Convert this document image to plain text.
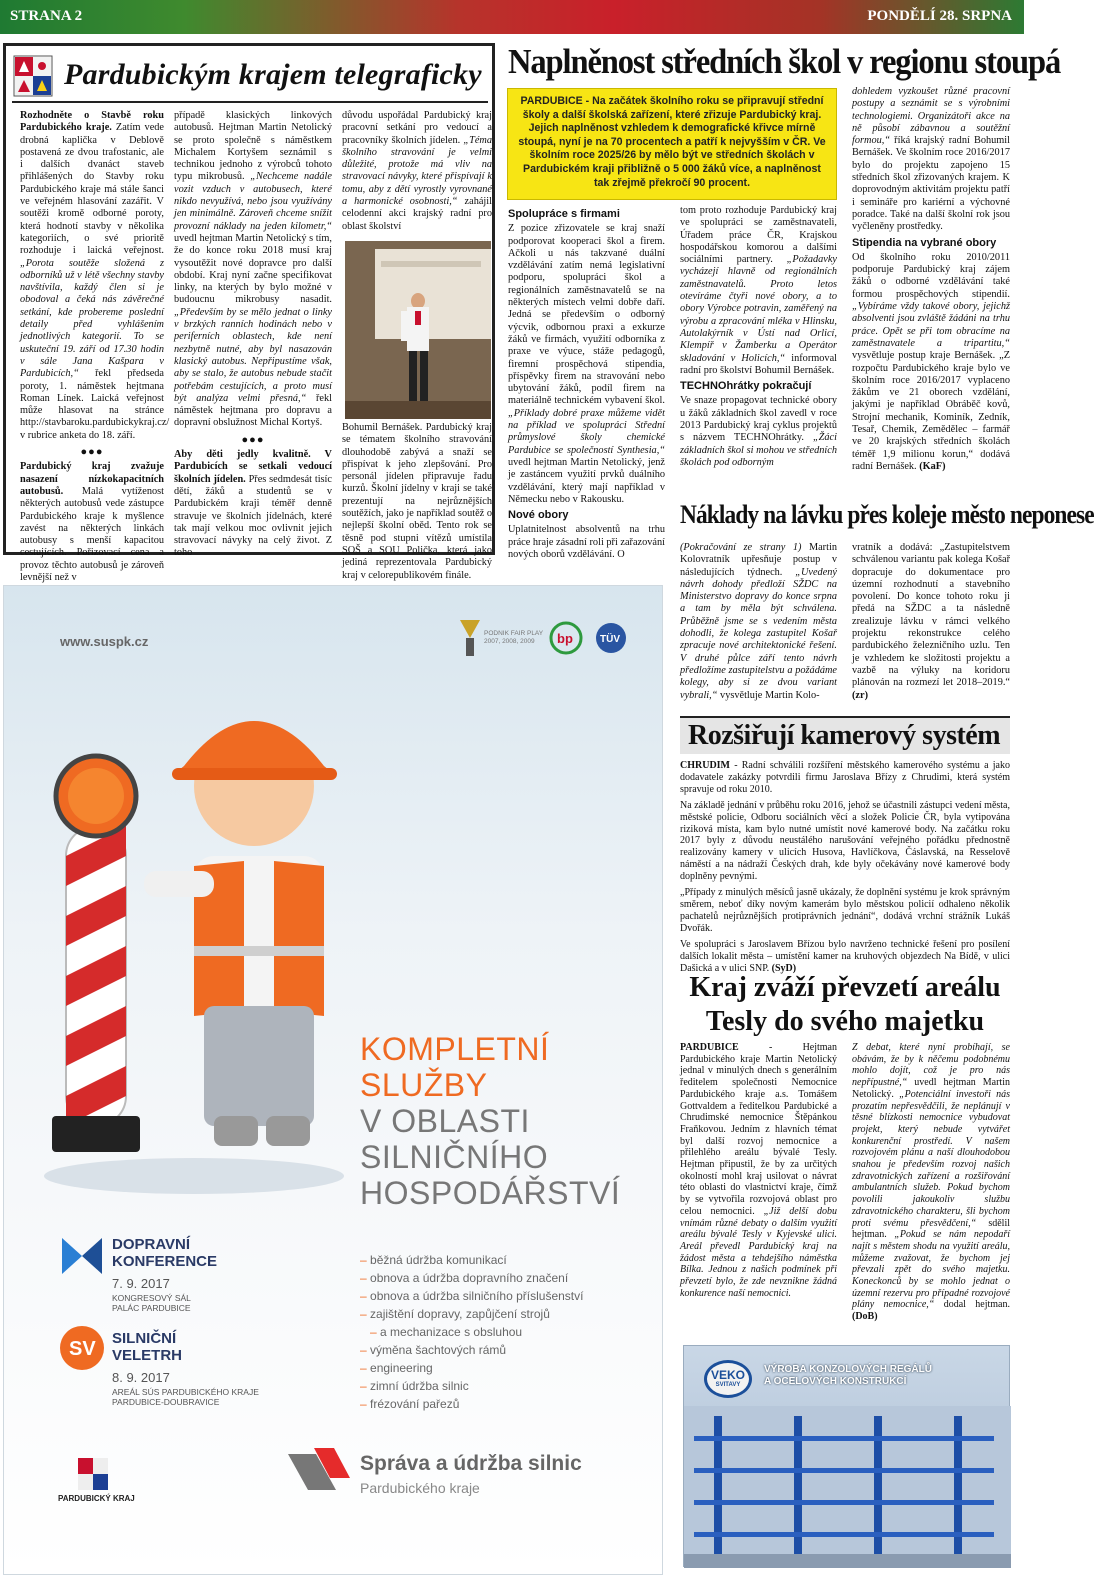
STRANA 2	PONDĚLÍ 28. SRPNA
Pardubickým krajem telegraficky

Rozhodněte o Stavbě roku Pardubického kraje. Zatím vede drobná kaplička v Deblově postavená ze dvou trafostanic, ale i dalších dvanáct staveb přihlášených do Stavby roku Pardubického kraje má stále šanci ve veřejném hlasování zazářit. V soutěži kromě odborné poroty, která hodnotí stavby v několika kategoriích, o své prioritě rozhoduje i laická veřejnost. „Porota soutěže složená z odborníků už v létě všechny stavby navštívila, každý člen si je obodoval a čeká nás závěrečné setkání, kde probereme poslední detaily před vyhlášením jednotlivých kategorií. To se uskuteční 19. září od 17.30 hodin v sále Jana Kašpara v Pardubicích,“ řekl předseda poroty, 1. náměstek hejtmana Roman Línek. Laická veřejnost může hlasovat na stránce http://stavbaroku.pardubickykraj.cz/ v rubrice anketa do 18. září.

●●●

Pardubický kraj zvažuje nasazení nízkokapacitních autobusů. Malá vytíženost některých autobusů vede zástupce Pardubického kraje k myšlence zavést na některých linkách autobusy s menší kapacitou cestujících. Pořizovací cena a provoz těchto autobusů je zároveň levnější než v

případě klasických linkových autobusů. Hejtman Martin Netolický se proto společně s náměstkem Michalem Kortyšem seznámil s technikou jednoho z výrobců tohoto typu mikrobusů. „Nechceme nadále vozit vzduch v autobusech, které nikdo nevyužívá, nebo jsou využívány jen minimálně. Zároveň chceme snížit provozní náklady na jeden kilometr,“ uvedl hejtman Martin Netolický s tím, že do konce roku 2018 musí kraj vysoutěžit nové dopravce pro další období. Kraj nyní začne specifikovat linky, na kterých by bylo možné v budoucnu mikrobusy nasadit. „Především by se mělo jednat o linky v brzkých ranních hodinách nebo v periferních oblastech, kde není nezbytně nutné, aby byl nasazován klasický autobus. Nepřipustíme však, aby se stalo, že autobus nebude stačit potřebám cestujících, a proto musí být analýza velmi přesná,“ řekl náměstek hejtmana pro dopravu a dopravní obslužnost Michal Kortyš.

●●●

Aby děti jedly kvalitně. V Pardubicích se setkali vedoucí školních jídelen. Přes sedmdesát tisíc dětí, žáků a studentů se v Pardubickém kraji téměř denně stravuje ve školních jídelnách, které tak mají velkou moc ovlivnit jejich stravovací návyky na celý život. Z toho

důvodu uspořádal Pardubický kraj pracovní setkání pro vedoucí a pracovníky školních jídelen. „Téma školního stravování je velmi důležité, protože má vliv na stravovací návyky, které přispívají k tomu, aby z dětí vyrostly vyrovnané a harmonické osobnosti,“ zahájil celodenní akci krajský radní pro oblast školství

Bohumil Bernášek. Pardubický kraj se tématem školního stravování dlouhodobě zabývá a snaží se přispívat k jeho zlepšování. Pro personál jídelen připravuje řadu kurzů. Školní jídelny v kraji se také prezentují na nejrůznějších soutěžích, jako je například soutěž o nejlepší školní oběd. Tento rok se těsně pod stupni vítězů umístila SOŠ a SOU Polička, která jako jediná reprezentovala Pardubický kraj v celorepublikovém finále.

Naplněnost středních škol v regionu stoupá
PARDUBICE - Na začátek školního roku se připravují střední školy a další školská zařízení, které zřizuje Pardubický kraj. Jejich naplněnost vzhledem k demografické křivce mírně stoupá, nyní je na 70 procentech a patří k nejvyšším v ČR. Ve školním roce 2025/26 by mělo být ve středních školách v Pardubickém kraji přibližně o 5 000 žáků více, a naplněnost tak zřejmě překročí 90 procent.
Spolupráce s firmami
Z pozice zřizovatele se kraj snaží podporovat kooperaci škol a firem. Ačkoli u nás takzvané duální vzdělávání zatím nemá legislativní podporu, spolupráci škol a regionálních zaměstnavatelů se na některých místech velmi dobře daří. Jedná se především o odborný výcvik, odbornou praxi a exkurze žáků ve firmách, využití odborníka z praxe ve výuce, stáže pedagogů, firemní prospěchová stipendia, příspěvky firem na stravování nebo ubytování žáků, podíl firem na materiálně technickém vybavení škol. „Příklady dobré praxe můžeme vidět na příklad ve spolupráci Střední průmyslové školy chemické Pardubice se společností Synthesia,“ uvedl hejtman Martin Netolický, jenž je zastáncem využití prvků duálního vzdělávání, který mají například v Německu nebo v Rakousku.
Nové obory
Uplatnitelnost absolventů na trhu práce hraje zásadní roli při zařazování nových oborů vzdělávání. O
tom proto rozhoduje Pardubický kraj ve spolupráci se zaměstnavateli, Úřadem práce ČR, Krajskou hospodářskou komorou a dalšími sociálními partnery. „Požadavky vycházejí hlavně od regionálních zaměstnavatelů. Proto letos otevíráme čtyři nové obory, a to obory Výrobce potravin, zaměřený na výrobu a zpracování mléka v Hlinsku, Autolakýrník v Ústí nad Orlicí, Klempíř v Žamberku a Operátor skladování v Holicích,“ informoval radní pro školství Bohumil Bernášek.
TECHNOhrátky pokračují
Ve snaze propagovat technické obory u žáků základních škol zavedl v roce 2013 Pardubický kraj cyklus projektů s názvem TECHNOhrátky. „Žáci základních škol si mohou ve středních školách pod odborným
dohledem vyzkoušet různé pracovní postupy a seznámit se s výrobními technologiemi. Organizátoři akce na ně působí zábavnou a soutěžní formou,“ říká krajský radní Bohumil Bernášek. Ve školním roce 2016/2017 bylo do projektu zapojeno 15 středních škol zřizovaných krajem. K doprovodným aktivitám projektu patří i semináře pro kariérní a výchovné poradce. Také na další školní rok jsou vyčleněny prostředky.
Stipendia na vybrané obory
Od školního roku 2010/2011 podporuje Pardubický kraj zájem žáků o odborné vzdělávání také formou prospěchových stipendií. „Vybíráme vždy takové obory, jejichž absolventi jsou zvláště žádáni na trhu práce. Opět se při tom obracíme na zaměstnavatele a tripartitu,“ vysvětluje postup kraje Bernášek. „Z rozpočtu Pardubického kraje bylo ve školním roce 2016/2017 vyplaceno žákům ve 21 oborech vzdělání, jakými je například Obráběč kovů, Strojní mechanik, Kominík, Zedník, Tesař, Chemik, Zemědělec – farmář ve 20 krajských středních školách téměř 1,9 milionu korun,“ dodává radní Bernášek. (KaF)
Náklady na lávku přes koleje město neponese
(Pokračování ze strany 1) Martin Kolovratník upřesňuje postup v následujících týdnech. „Uvedený návrh dohody předloží SŽDC na Ministerstvo dopravy do konce srpna a tam by měla být schválena. Průběžně jsme se s vedením města dohodli, že kolega zastupitel Košař zpracuje nové architektonické řešení. V druhé půlce září tento návrh předložíme zastupitelstvu a požádáme kolegy, aby si ze dvou variant vybrali,“ vysvětluje Martin Kolo-
vratník a dodává: „Zastupitelstvem schválenou variantu pak kolega Košař dopracuje do dokumentace pro územní rozhodnutí a stavebního povolení. Do konce tohoto roku ji předá na SŽDC a ta následně zrealizuje lávku v rámci velkého projektu rekonstrukce celého pardubického železničního uzlu. Ten je vzhledem ke složitosti projektu a vazbě na výluky na koridoru plánován na rozmezí let 2018–2019.“ (zr)
Rozšiřují kamerový systém

CHRUDIM - Radní schválili rozšíření městského kamerového systému a jako dodavatele zakázky potvrdili firmu Jaroslava Břízy z Chrudimi, která systém spravuje od roku 2010.

Na základě jednání v průběhu roku 2016, jehož se účastnili zástupci vedení města, městské policie, Odboru sociálních věcí a složek Policie ČR, byla vytipována riziková místa, kam bylo nutné umístit nové kamerové body. Na začátku roku 2017 byly z důvodu neustálého narušování veřejného pořádku přednostně realizovány kamery v ulicích Husova, Havlíčkova, Čáslavská, na Resselově náměstí a na nádraží Českých drah, kde byly očekávány nové kamerové body doplněny pevnými.

„Případy z minulých měsíců jasně ukázaly, že doplnění systému je krok správným směrem, neboť díky novým kamerám bylo městskou policií odhaleno několik pachatelů nejrůznějších protiprávních jednání“, dodává vrchní strážník Lukáš Dvořák.

Ve spolupráci s Jaroslavem Břízou bylo navrženo technické řešení pro posílení dalších lokalit města – umístění kamer na kruhových objezdech Na Bídě, v ulici Dašická a v ulici SNP. (SyD)

Kraj zváží převzetí areálu
Tesly do svého majetku
PARDUBICE - Hejtman Pardubického kraje Martin Netolický jednal v minulých dnech s generálním ředitelem společnosti Nemocnice Pardubického kraje a.s. Tomášem Gottvaldem a ředitelkou Pardubické a Chrudimské nemocnice Štěpánkou Fraňkovou. Jedním z hlavních témat byl další rozvoj nemocnice a přilehlého areálu bývalé Tesly. Hejtman připustil, že by za určitých okolností mohl kraj usilovat o návrat této oblasti do vlastnictví kraje, čímž by se vytvořila rozvojová oblast pro celou nemocnici. „Již delší dobu vnímám různé debaty o dalším využití areálu bývalé Tesly v Kyjevské ulici. Areál převedl Pardubický kraj na žádost města a tehdejšího náměstka Bílka. Jednou z našich podmínek při převzetí bylo, že zde nevznikne žádná konkurence naší nemocnici.
Z debat, které nyní probíhají, se obávám, že by k něčemu podobnému mohlo dojít, což je pro nás nepřípustné,“ uvedl hejtman Martin Netolický. „Potenciální investoři nás prozatím nepřesvědčili, že neplánují v těsné blízkosti nemocnice vybudovat projekt, který nebude vytvářet konkurenční prostředí. V našem rozvojovém plánu a naší dlouhodobou snahou je především rozvoj našich zdravotnických zařízení a rozšiřování ambulantních služeb. Pokud bychom povolili jakoukoliv službu zdravotnického charakteru, šli bychom proti svému přesvědčení,“ sdělil hejtman. „Pokud se nám nepodaří najít s městem shodu na využití areálu, můžeme zvažovat, že bychom jej převzali zpět do svého majetku. Koneckonců by se mohlo jednat o územní rezervu pro případné rozvojové plány nemocnice,“ dodal hejtman. (DoB)
www.suspk.cz	bp	TÜV
PODNIK FAIR PLAY 2007, 2008, 2009
KOMPLETNÍ
SLUŽBY
V OBLASTI
SILNIČNÍHO
HOSPODÁŘSTVÍ
– běžná údržba komunikací
– obnova a údržba dopravního značení
– obnova a údržba silničního příslušenství
– zajištění dopravy, zapůjčení strojů
– a mechanizace s obsluhou
– výměna šachtových rámů
– engineering
– zimní údržba silnic
– frézování pařezů
DOPRAVNÍ
KONFERENCE
7. 9. 2017
KONGRESOVÝ SÁL
PALÁC PARDUBICE
SV SILNIČNÍ
VELETRH
8. 9. 2017
AREÁL SÚS PARDUBICKÉHO KRAJE
PARDUBICE-DOUBRAVICE
PARDUBICKÝ KRAJ
Správa a údržba silnic
Pardubického kraje
VEKO
SVITAVY
VÝROBA KONZOLOVÝCH REGÁLŮ
A OCELOVÝCH KONSTRUKCÍ
